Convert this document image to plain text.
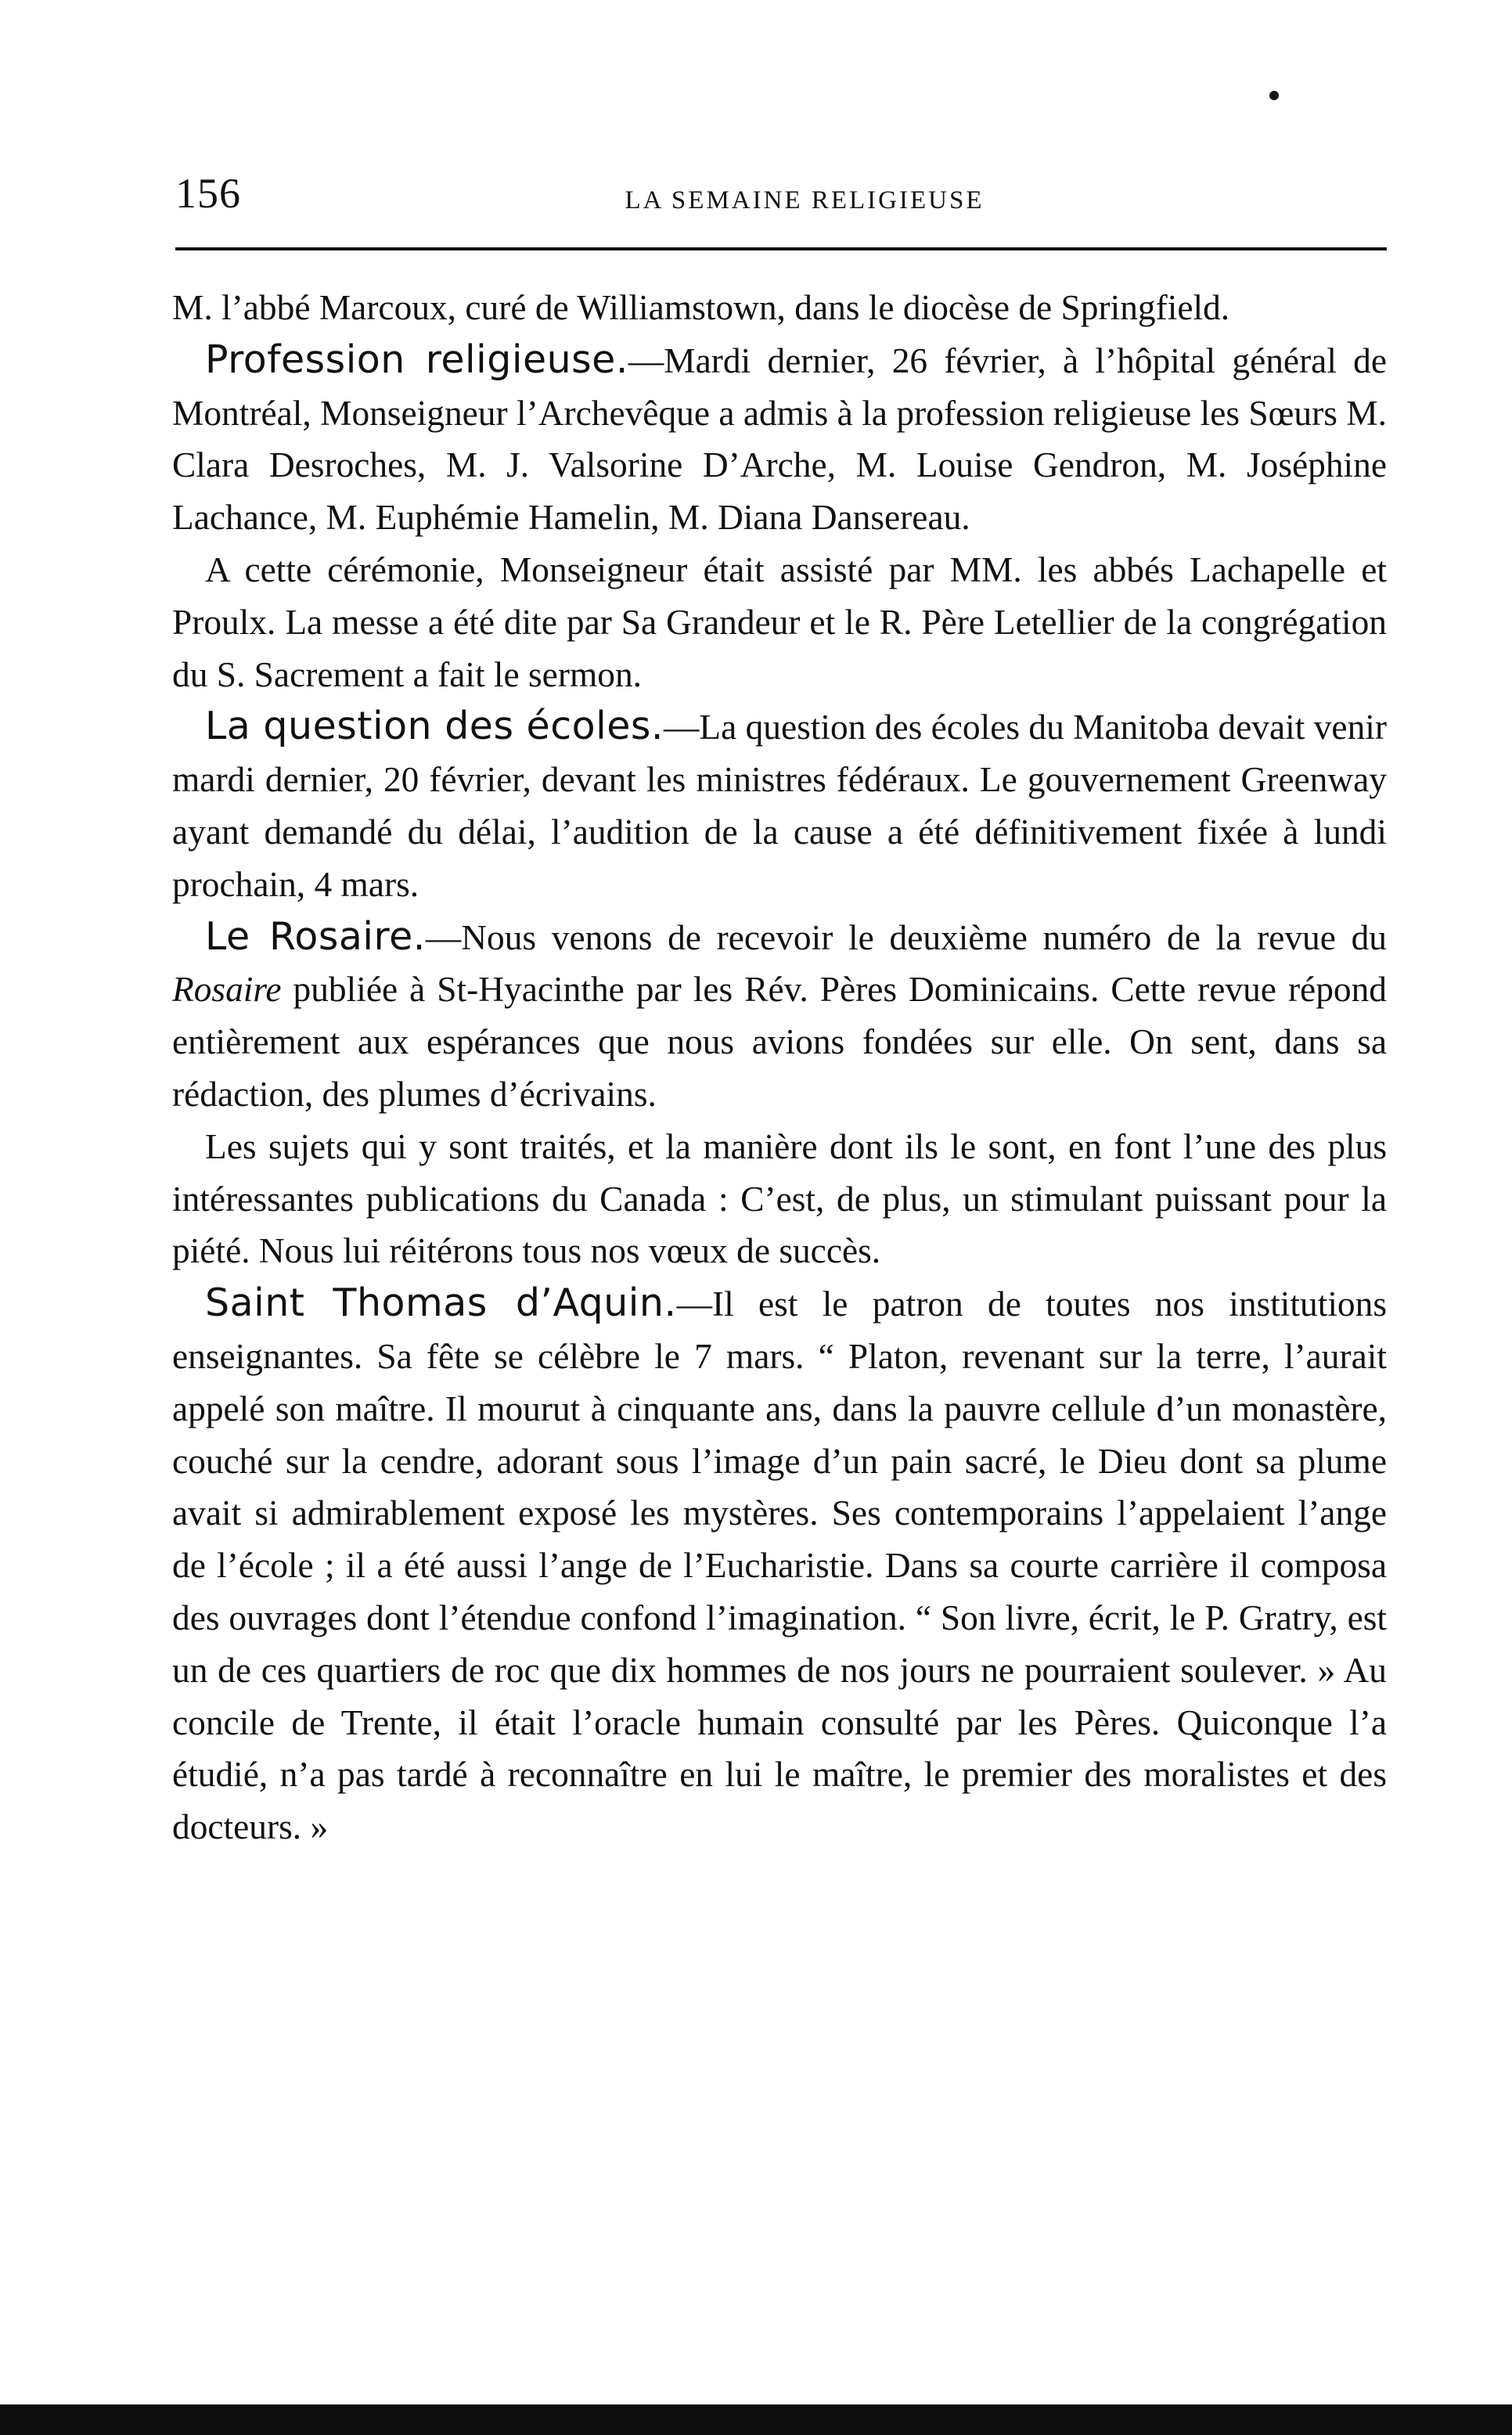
156	LA SEMAINE RELIGIEUSE

M. l’abbé Marcoux, curé de Williamstown, dans le diocèse de Springfield.

Profession religieuse.—Mardi dernier, 26 février, à l’hôpital général de Montréal, Monseigneur l’Archevêque a admis à la profession religieuse les Sœurs M. Clara Desroches, M. J. Valsorine D’Arche, M. Louise Gendron, M. Joséphine Lachance, M. Euphémie Hamelin, M. Diana Dansereau.

A cette cérémonie, Monseigneur était assisté par MM. les abbés Lachapelle et Proulx. La messe a été dite par Sa Grandeur et le R. Père Letellier de la congrégation du S. Sacrement a fait le sermon.

La question des écoles.—La question des écoles du Manitoba devait venir mardi dernier, 20 février, devant les ministres fédéraux. Le gouvernement Greenway ayant demandé du délai, l’audition de la cause a été définitivement fixée à lundi prochain, 4 mars.

Le Rosaire.—Nous venons de recevoir le deuxième numéro de la revue du Rosaire publiée à St-Hyacinthe par les Rév. Pères Dominicains. Cette revue répond entièrement aux espérances que nous avions fondées sur elle. On sent, dans sa rédaction, des plumes d’écrivains.

Les sujets qui y sont traités, et la manière dont ils le sont, en font l’une des plus intéressantes publications du Canada : C’est, de plus, un stimulant puissant pour la piété. Nous lui réitérons tous nos vœux de succès.

Saint Thomas d’Aquin.—Il est le patron de toutes nos institutions enseignantes. Sa fête se célèbre le 7 mars. “ Platon, revenant sur la terre, l’aurait appelé son maître. Il mourut à cinquante ans, dans la pauvre cellule d’un monastère, couché sur la cendre, adorant sous l’image d’un pain sacré, le Dieu dont sa plume avait si admirablement exposé les mystères. Ses contemporains l’appelaient l’ange de l’école ; il a été aussi l’ange de l’Eucharistie. Dans sa courte carrière il composa des ouvrages dont l’étendue confond l’imagination. “ Son livre, écrit, le P. Gratry, est un de ces quartiers de roc que dix hommes de nos jours ne pourraient soulever. » Au concile de Trente, il était l’oracle humain consulté par les Pères. Quiconque l’a étudié, n’a pas tardé à reconnaître en lui le maître, le premier des moralistes et des docteurs. »
